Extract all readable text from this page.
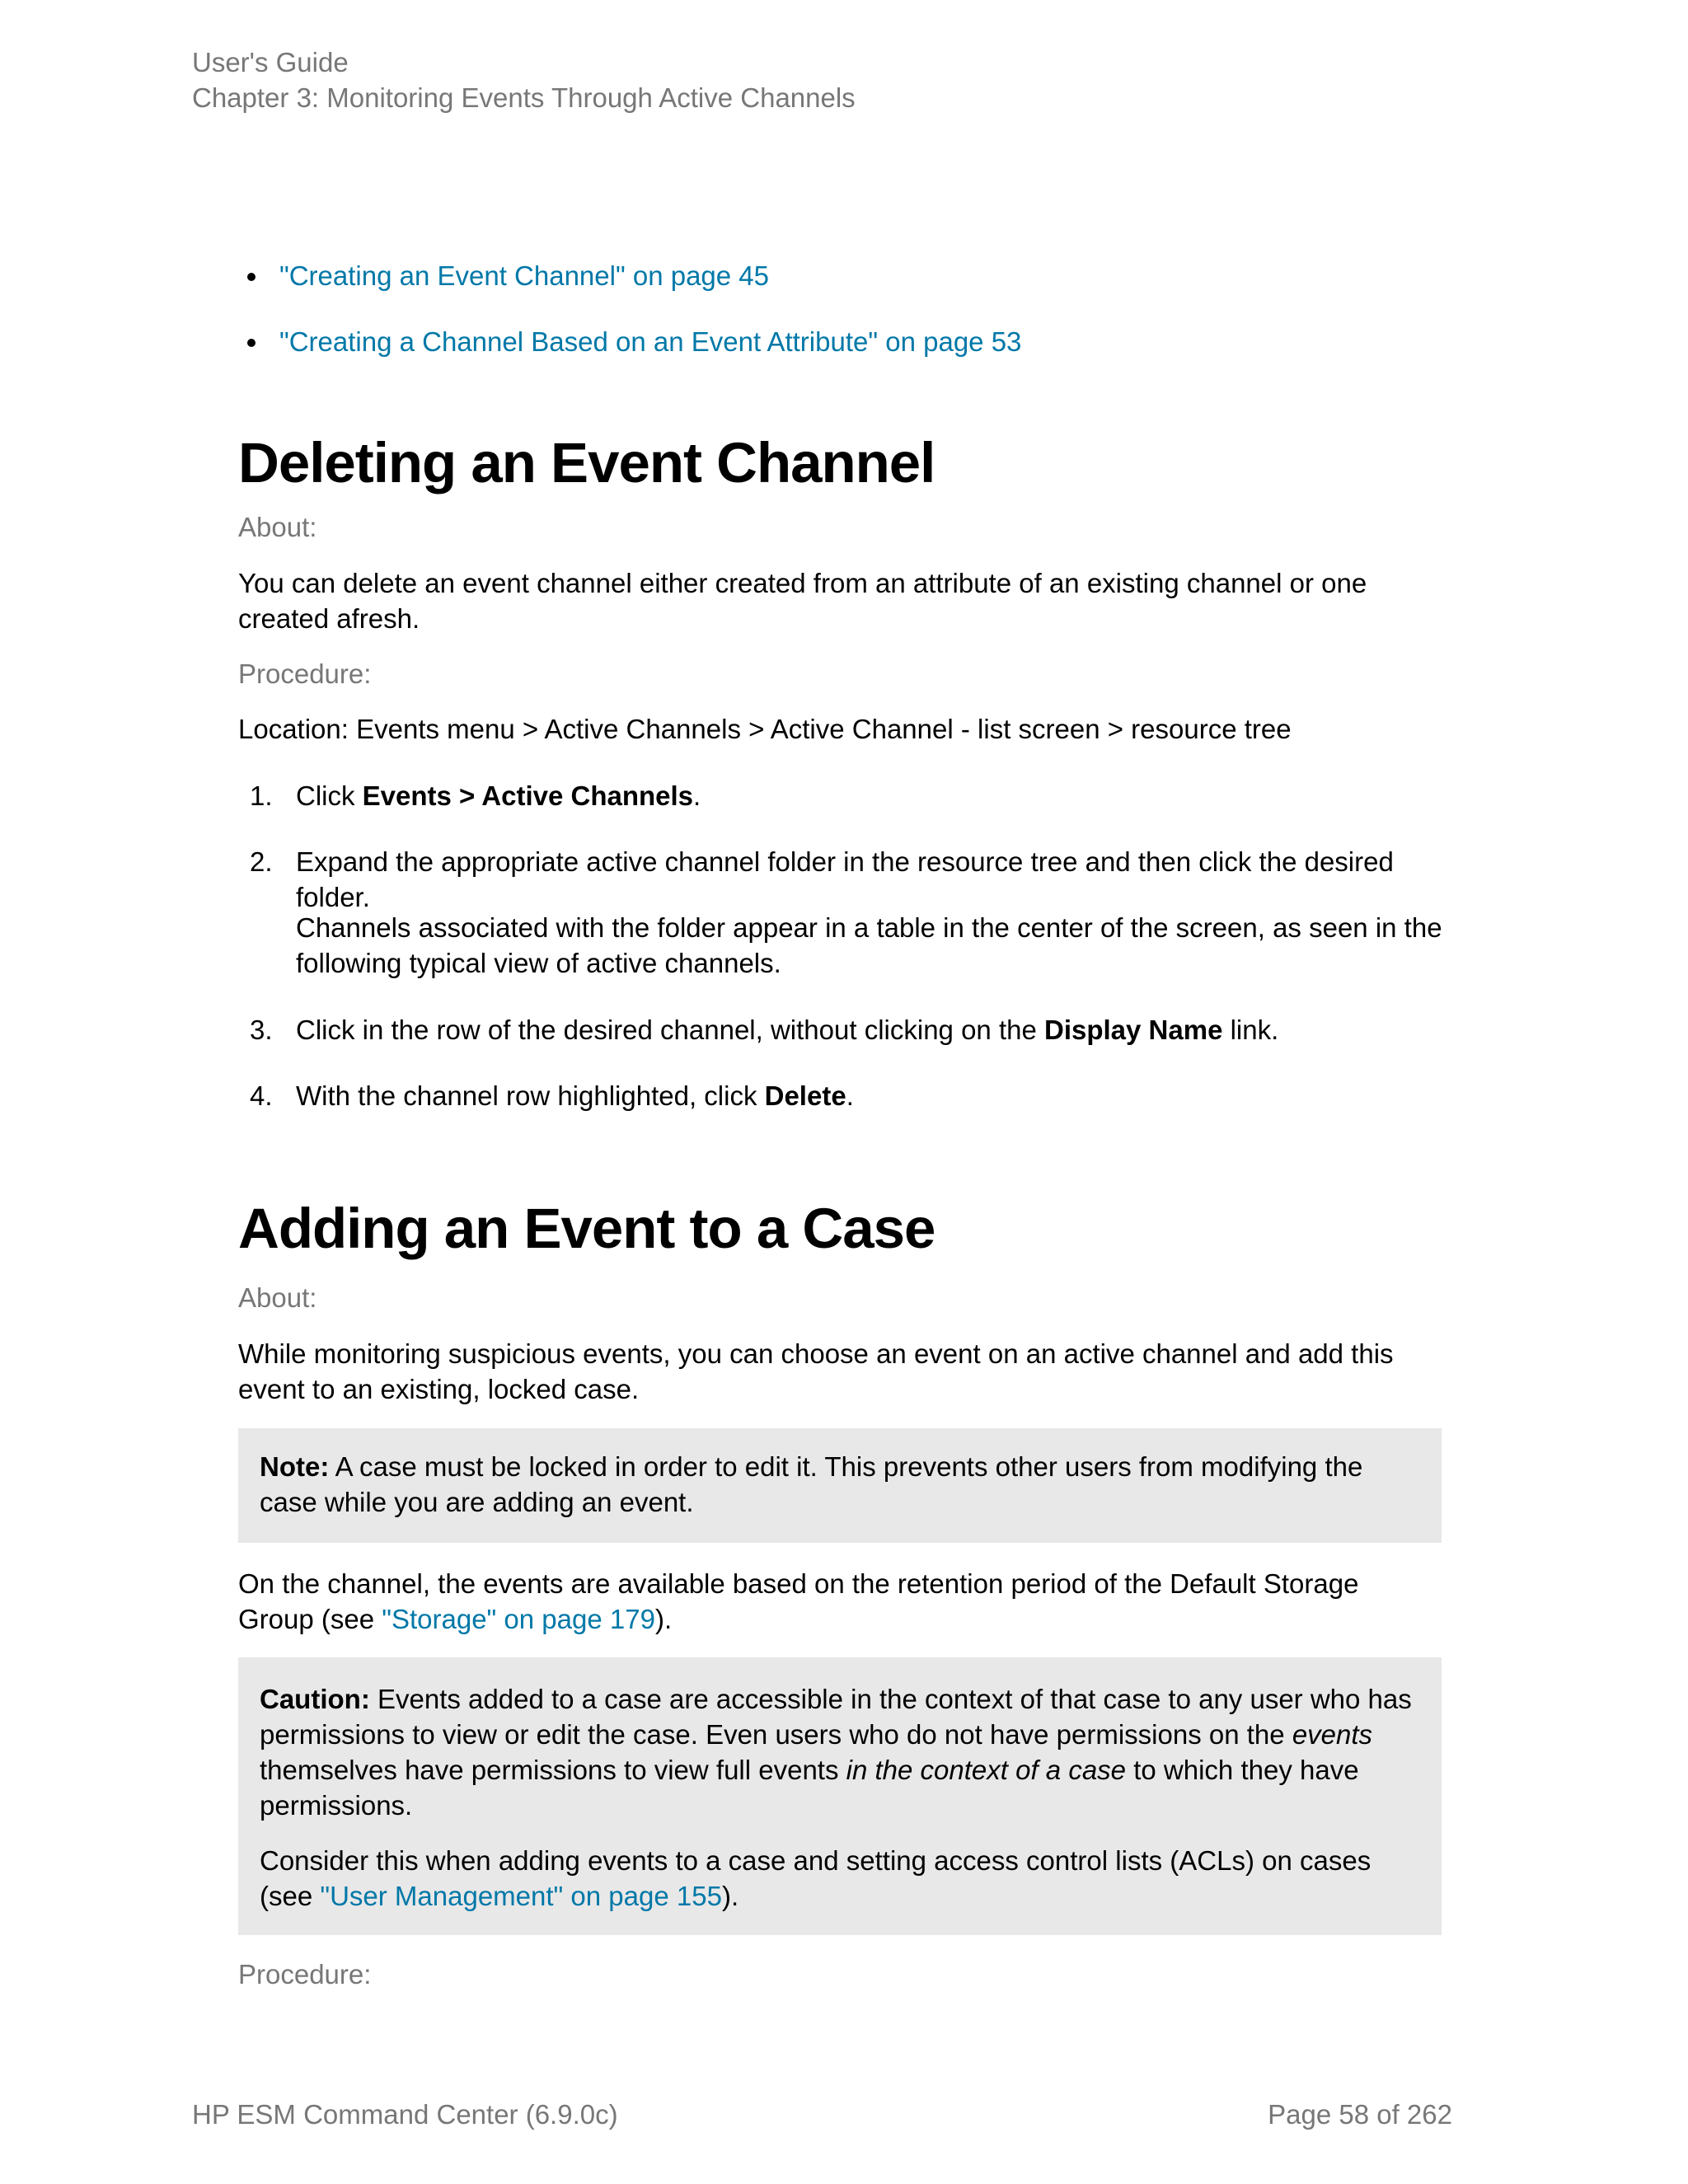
User's Guide
Chapter 3: Monitoring Events Through Active Channels
"Creating an Event Channel" on page 45
"Creating a Channel Based on an Event Attribute" on page 53
Deleting an Event Channel
About:
You can delete an event channel either created from an attribute of an existing channel or one created afresh.
Procedure:
Location: Events menu > Active Channels > Active Channel - list screen > resource tree
1. Click Events > Active Channels.
2. Expand the appropriate active channel folder in the resource tree and then click the desired folder.
Channels associated with the folder appear in a table in the center of the screen, as seen in the following typical view of active channels.
3. Click in the row of the desired channel, without clicking on the Display Name link.
4. With the channel row highlighted, click Delete.
Adding an Event to a Case
About:
While monitoring suspicious events, you can choose an event on an active channel and add this event to an existing, locked case.
Note: A case must be locked in order to edit it. This prevents other users from modifying the case while you are adding an event.
On the channel, the events are available based on the retention period of the Default Storage Group (see "Storage" on page 179).
Caution: Events added to a case are accessible in the context of that case to any user who has permissions to view or edit the case. Even users who do not have permissions on the events themselves have permissions to view full events in the context of a case to which they have permissions.
Consider this when adding events to a case and setting access control lists (ACLs) on cases (see "User Management" on page 155).
Procedure:
HP ESM Command Center (6.9.0c)	Page 58 of 262
